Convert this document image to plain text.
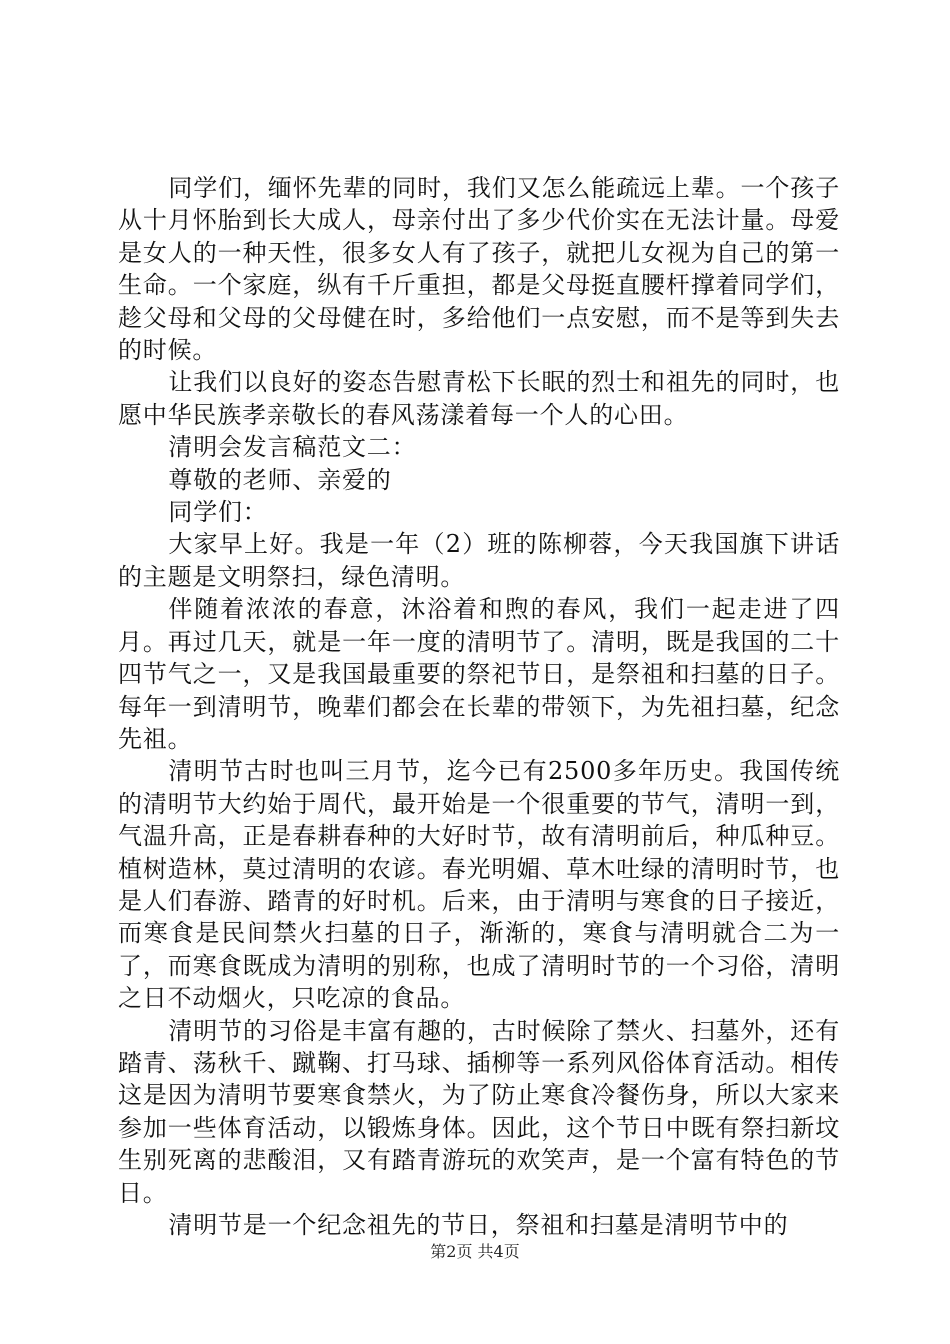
同学们，缅怀先辈的同时，我们又怎么能疏远上辈。一个孩子从十月怀胎到长大成人，母亲付出了多少代价实在无法计量。母爱是女人的一种天性，很多女人有了孩子，就把儿女视为自己的第一生命。一个家庭，纵有千斤重担，都是父母挺直腰杆撑着同学们，趁父母和父母的父母健在时，多给他们一点安慰，而不是等到失去的时候。

让我们以良好的姿态告慰青松下长眠的烈士和祖先的同时，也愿中华民族孝亲敬长的春风荡漾着每一个人的心田。

清明会发言稿范文二：

尊敬的老师、亲爱的

同学们：

大家早上好。我是一年（2）班的陈柳蓉，今天我国旗下讲话的主题是文明祭扫，绿色清明。

伴随着浓浓的春意，沐浴着和煦的春风，我们一起走进了四月。再过几天，就是一年一度的清明节了。清明，既是我国的二十四节气之一，又是我国最重要的祭祀节日，是祭祖和扫墓的日子。每年一到清明节，晚辈们都会在长辈的带领下，为先祖扫墓，纪念先祖。

清明节古时也叫三月节，迄今已有2500多年历史。我国传统的清明节大约始于周代，最开始是一个很重要的节气，清明一到，气温升高，正是春耕春种的大好时节，故有清明前后，种瓜种豆。植树造林，莫过清明的农谚。春光明媚、草木吐绿的清明时节，也是人们春游、踏青的好时机。后来，由于清明与寒食的日子接近，而寒食是民间禁火扫墓的日子，渐渐的，寒食与清明就合二为一了，而寒食既成为清明的别称，也成了清明时节的一个习俗，清明之日不动烟火，只吃凉的食品。

清明节的习俗是丰富有趣的，古时候除了禁火、扫墓外，还有踏青、荡秋千、蹴鞠、打马球、插柳等一系列风俗体育活动。相传这是因为清明节要寒食禁火，为了防止寒食冷餐伤身，所以大家来参加一些体育活动，以锻炼身体。因此，这个节日中既有祭扫新坟生别死离的悲酸泪，又有踏青游玩的欢笑声，是一个富有特色的节日。

清明节是一个纪念祖先的节日，祭祖和扫墓是清明节中的

第2页 共4页
